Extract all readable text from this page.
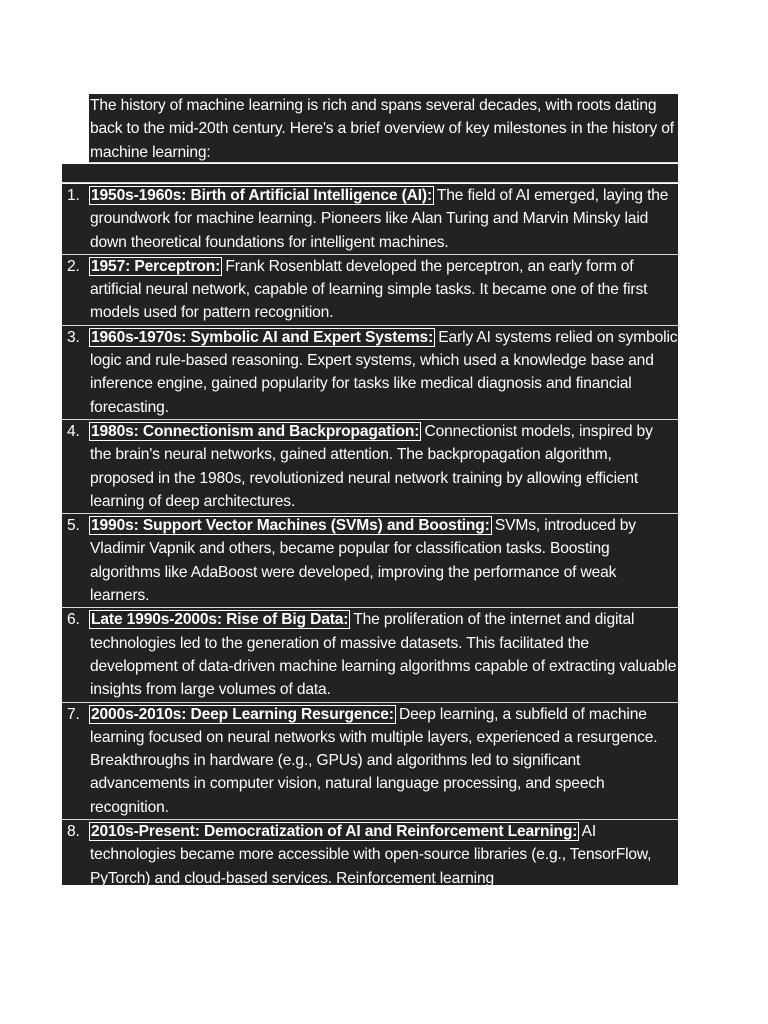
The history of machine learning is rich and spans several decades, with roots dating back to the mid-20th century. Here's a brief overview of key milestones in the history of machine learning:

1. 1950s-1960s: Birth of Artificial Intelligence (AI): The field of AI emerged, laying the groundwork for machine learning. Pioneers like Alan Turing and Marvin Minsky laid down theoretical foundations for intelligent machines.
2. 1957: Perceptron: Frank Rosenblatt developed the perceptron, an early form of artificial neural network, capable of learning simple tasks. It became one of the first models used for pattern recognition.
3. 1960s-1970s: Symbolic AI and Expert Systems: Early AI systems relied on symbolic logic and rule-based reasoning. Expert systems, which used a knowledge base and inference engine, gained popularity for tasks like medical diagnosis and financial forecasting.
4. 1980s: Connectionism and Backpropagation: Connectionist models, inspired by the brain's neural networks, gained attention. The backpropagation algorithm, proposed in the 1980s, revolutionized neural network training by allowing efficient learning of deep architectures.
5. 1990s: Support Vector Machines (SVMs) and Boosting: SVMs, introduced by Vladimir Vapnik and others, became popular for classification tasks. Boosting algorithms like AdaBoost were developed, improving the performance of weak learners.
6. Late 1990s-2000s: Rise of Big Data: The proliferation of the internet and digital technologies led to the generation of massive datasets. This facilitated the development of data-driven machine learning algorithms capable of extracting valuable insights from large volumes of data.
7. 2000s-2010s: Deep Learning Resurgence: Deep learning, a subfield of machine learning focused on neural networks with multiple layers, experienced a resurgence. Breakthroughs in hardware (e.g., GPUs) and algorithms led to significant advancements in computer vision, natural language processing, and speech recognition.
8. 2010s-Present: Democratization of AI and Reinforcement Learning: AI technologies became more accessible with open-source libraries (e.g., TensorFlow, PyTorch) and cloud-based services. Reinforcement learning
